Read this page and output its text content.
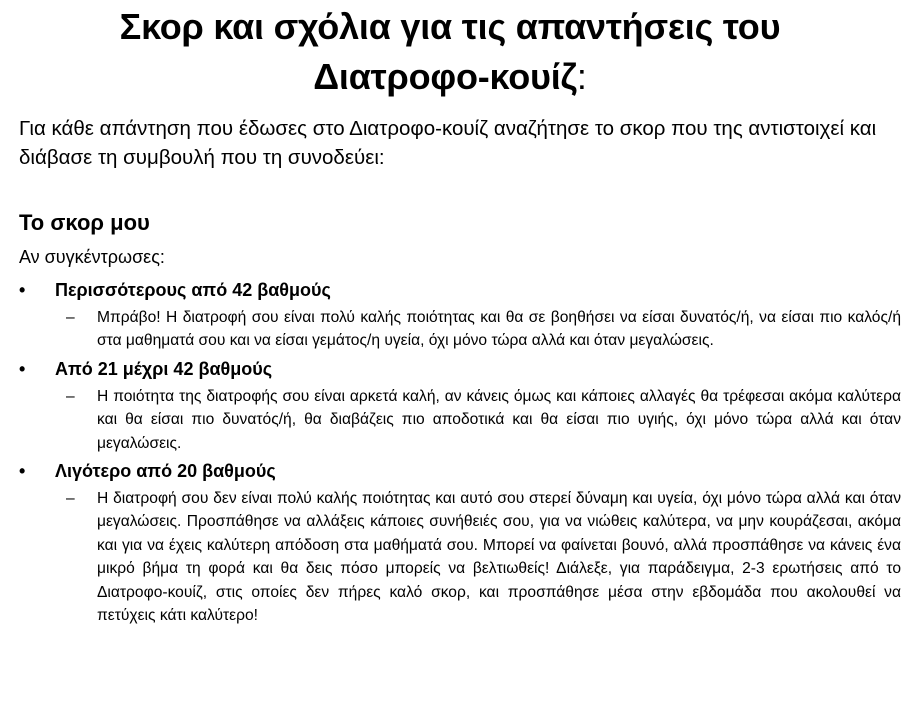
Σκορ και σχόλια για τις απαντήσεις του
Διατροφο-κουίζ:
Για κάθε απάντηση που έδωσες στο Διατροφο-κουίζ αναζήτησε το σκορ που της αντιστοιχεί και διάβασε τη συμβουλή που τη συνοδεύει:
Το σκορ μου
Αν συγκέντρωσες:
• Περισσότερους από 42 βαθμούς
– Μπράβο! Η διατροφή σου είναι πολύ καλής ποιότητας και θα σε βοηθήσει να είσαι δυνατός/ή, να είσαι πιο καλός/ή στα μαθηματά σου και να είσαι γεμάτος/η υγεία, όχι μόνο τώρα αλλά και όταν μεγαλώσεις.
• Από 21 μέχρι 42 βαθμούς
– Η ποιότητα της διατροφής σου είναι αρκετά καλή, αν κάνεις όμως και κάποιες αλλαγές θα τρέφεσαι ακόμα καλύτερα και θα είσαι πιο δυνατός/ή, θα διαβάζεις πιο αποδοτικά και θα είσαι πιο υγιής, όχι μόνο τώρα αλλά και όταν μεγαλώσεις.
• Λιγότερο από 20 βαθμούς
– Η διατροφή σου δεν είναι πολύ καλής ποιότητας και αυτό σου στερεί δύναμη και υγεία, όχι μόνο τώρα αλλά και όταν μεγαλώσεις. Προσπάθησε να αλλάξεις κάποιες συνήθειές σου, για να νιώθεις καλύτερα, να μην κουράζεσαι, ακόμα και για να έχεις καλύτερη απόδοση στα μαθήματά σου. Μπορεί να φαίνεται βουνό, αλλά προσπάθησε να κάνεις ένα μικρό βήμα τη φορά και θα δεις πόσο μπορείς να βελτιωθείς! Διάλεξε, για παράδειγμα, 2-3 ερωτήσεις από το Διατροφο-κουίζ, στις οποίες δεν πήρες καλό σκορ, και προσπάθησε μέσα στην εβδομάδα που ακολουθεί να πετύχεις κάτι καλύτερο!
